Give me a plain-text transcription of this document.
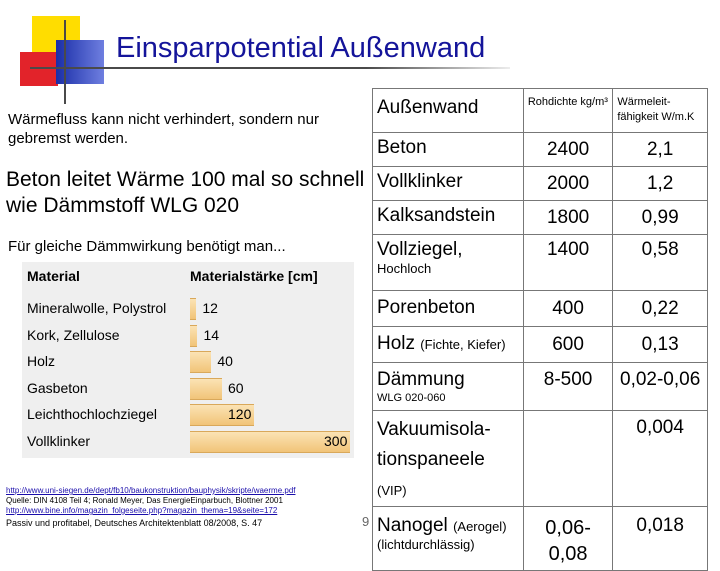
Einsparpotential Außenwand
Wärmefluss kann nicht verhindert, sondern nur gebremst werden.
Beton leitet Wärme 100 mal so schnell wie Dämmstoff WLG 020
Für gleiche Dämmwirkung benötigt man...
Material	Materialstärke [cm]
Mineralwolle, Polystrol	12
Kork, Zellulose	14
Holz	40
Gasbeton	60
Leichthochlochziegel	120
Vollklinker	300
http://www.uni-siegen.de/dept/fb10/baukonstruktion/bauphysik/skripte/waerme.pdf
Quelle: DIN 4108 Teil 4; Ronald Meyer, Das EnergieEinparbuch, Blottner 2001
http://www.bine.info/magazin_folgeseite.php?magazin_thema=19&seite=172
Passiv und profitabel, Deutsches Architektenblatt 08/2008, S. 47	9
Außenwand	Rohdichte kg/m³	Wärmeleit-fähigkeit W/m.K
Beton	2400	2,1
Vollklinker	2000	1,2
Kalksandstein	1800	0,99
Vollziegel,
Hochloch	1400	0,58
Porenbeton	400	0,22
Holz (Fichte, Kiefer)	600	0,13
Dämmung
WLG 020-060	8-500	0,02-0,06
Vakuumisola-tionspaneele (VIP)		0,004
Nanogel (Aerogel)
(lichtdurchlässig)	0,06-0,08	0,018
